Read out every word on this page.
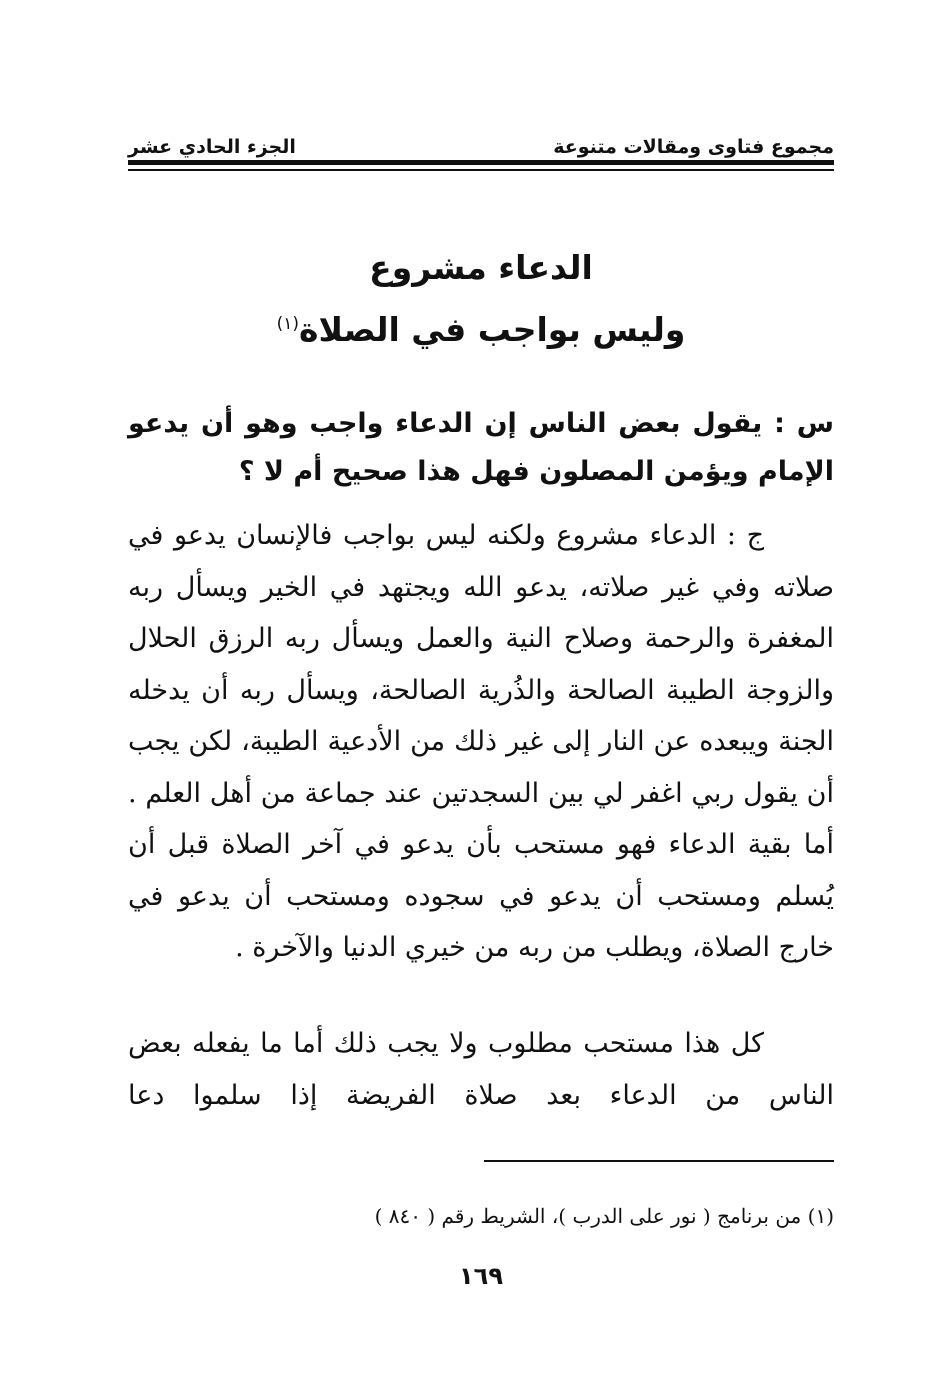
مجموع فتاوى ومقالات متنوعة
الجزء الحادي عشر
الدعاء مشروع
وليس بواجب في الصلاة$^{(١)}$
س : يقول بعض الناس إن الدعاء واجب وهو أن يدعو الإمام ويؤمن المصلون فهل هذا صحيح أم لا ؟
ج : الدعاء مشروع ولكنه ليس بواجب فالإنسان يدعو في صلاته وفي غير صلاته، يدعو الله ويجتهد في الخير ويسأل ربه المغفرة والرحمة وصلاح النية والعمل ويسأل ربه الرزق الحلال والزوجة الطيبة الصالحة والذُرية الصالحة، ويسأل ربه أن يدخله الجنة ويبعده عن النار إلى غير ذلك من الأدعية الطيبة، لكن يجب أن يقول ربي اغفر لي بين السجدتين عند جماعة من أهل العلم . أما بقية الدعاء فهو مستحب بأن يدعو في آخر الصلاة قبل أن يُسلم ومستحب أن يدعو في سجوده ومستحب أن يدعو في خارج الصلاة، ويطلب من ربه من خيري الدنيا والآخرة .
كل هذا مستحب مطلوب ولا يجب ذلك أما ما يفعله بعض الناس من الدعاء بعد صلاة الفريضة إذا سلموا دعا
(١) من برنامج ( نور على الدرب )، الشريط رقم ( ٨٤٠ )
١٦٩
